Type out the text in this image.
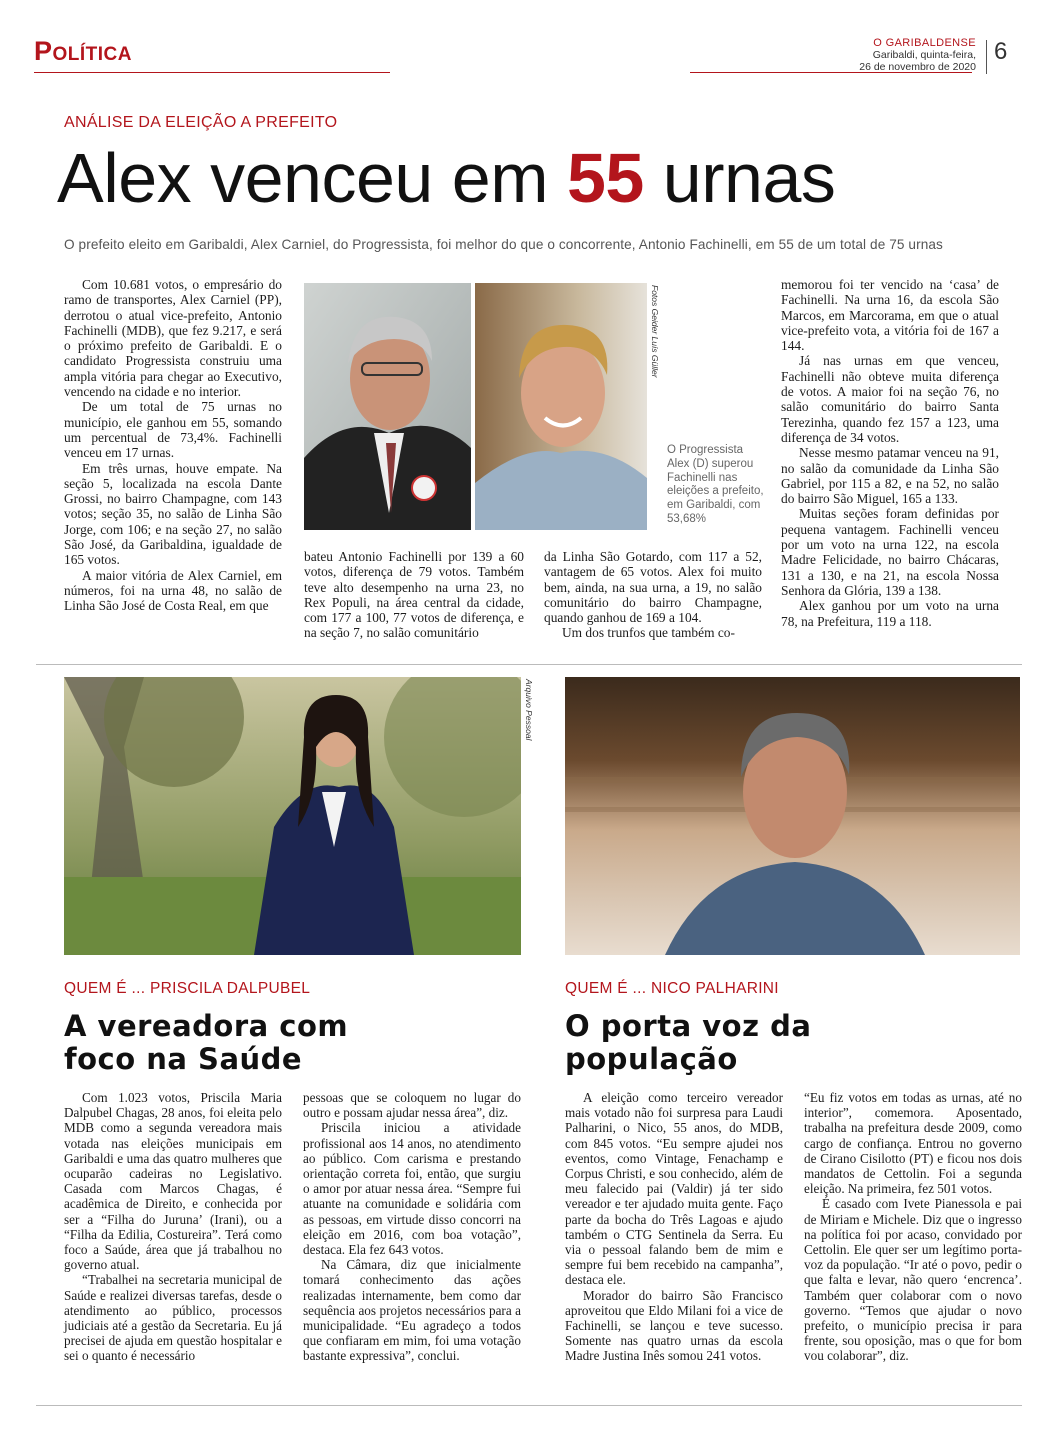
Política	O GARIBALDENSE
Garibaldi, quinta-feira,
26 de novembro de 2020
6
ANÁLISE DA ELEIÇÃO A PREFEITO
Alex venceu em 55 urnas
O prefeito eleito em Garibaldi, Alex Carniel, do Progressista, foi melhor do que o concorrente, Antonio Fachinelli, em 55 de um total de 75 urnas

Com 10.681 votos, o empresário do ramo de transportes, Alex Carniel (PP), derrotou o atual vice-prefeito, Antonio Fachinelli (MDB), que fez 9.217, e será o próximo prefeito de Garibaldi. E o candidato Progressista construiu uma ampla vitória para chegar ao Executivo, vencendo na cidade e no interior.

De um total de 75 urnas no município, ele ganhou em 55, somando um percentual de 73,4%. Fachinelli venceu em 17 urnas.

Em três urnas, houve empate. Na seção 5, localizada na escola Dante Grossi, no bairro Champagne, com 143 votos; seção 35, no salão de Linha São Jorge, com 106; e na seção 27, no salão São José, da Garibaldina, igualdade de 165 votos.

A maior vitória de Alex Carniel, em números, foi na urna 48, no salão de Linha São José de Costa Real, em que

Fotos Geider Luís Güller
O Progressista Alex (D) superou Fachinelli nas eleições a prefeito, em Garibaldi, com 53,68%

bateu Antonio Fachinelli por 139 a 60 votos, diferença de 79 votos. Também teve alto desempenho na urna 23, no Rex Populi, na área central da cidade, com 177 a 100, 77 votos de diferença, e na seção 7, no salão comunitário

da Linha São Gotardo, com 117 a 52, vantagem de 65 votos. Alex foi muito bem, ainda, na sua urna, a 19, no salão comunitário do bairro Champagne, quando ganhou de 169 a 104.

Um dos trunfos que também co-

memorou foi ter vencido na ‘casa’ de Fachinelli. Na urna 16, da escola São Marcos, em Marcorama, em que o atual vice-prefeito vota, a vitória foi de 167 a 144.

Já nas urnas em que venceu, Fachinelli não obteve muita diferença de votos. A maior foi na seção 76, no salão comunitário do bairro Santa Terezinha, quando fez 157 a 123, uma diferença de 34 votos.

Nesse mesmo patamar venceu na 91, no salão da comunidade da Linha São Gabriel, por 115 a 82, e na 52, no salão do bairro São Miguel, 165 a 133.

Muitas seções foram definidas por pequena vantagem. Fachinelli venceu por um voto na urna 122, na escola Madre Felicidade, no bairro Chácaras, 131 a 130, e na 21, na escola Nossa Senhora da Glória, 139 a 138.

Alex ganhou por um voto na urna 78, na Prefeitura, 119 a 118.

Arquivo Pessoal
QUEM É ... PRISCILA DALPUBEL
A vereadora com
foco na Saúde

Com 1.023 votos, Priscila Maria Dalpubel Chagas, 28 anos, foi eleita pelo MDB como a segunda vereadora mais votada nas eleições municipais em Garibaldi e uma das quatro mulheres que ocuparão cadeiras no Legislativo. Casada com Marcos Chagas, é acadêmica de Direito, e conhecida por ser a “Filha do Juruna’ (Irani), ou a “Filha da Edilia, Costureira”. Terá como foco a Saúde, área que já trabalhou no governo atual.

“Trabalhei na secretaria municipal de Saúde e realizei diversas tarefas, desde o atendimento ao público, processos judiciais até a gestão da Secretaria. Eu já precisei de ajuda em questão hospitalar e sei o quanto é necessário

pessoas que se coloquem no lugar do outro e possam ajudar nessa área”, diz.

Priscila iniciou a atividade profissional aos 14 anos, no atendimento ao público. Com carisma e prestando orientação correta foi, então, que surgiu o amor por atuar nessa área. “Sempre fui atuante na comunidade e solidária com as pessoas, em virtude disso concorri na eleição em 2016, com boa votação”, destaca. Ela fez 643 votos.

Na Câmara, diz que inicialmente tomará conhecimento das ações realizadas internamente, bem como dar sequência aos projetos necessários para a municipalidade. “Eu agradeço a todos que confiaram em mim, foi uma votação bastante expressiva”, conclui.

QUEM É ... NICO PALHARINI
O porta voz da
população

A eleição como terceiro vereador mais votado não foi surpresa para Laudi Palharini, o Nico, 55 anos, do MDB, com 845 votos. “Eu sempre ajudei nos eventos, como Vintage, Fenachamp e Corpus Christi, e sou conhecido, além de meu falecido pai (Valdir) já ter sido vereador e ter ajudado muita gente. Faço parte da bocha do Três Lagoas e ajudo também o CTG Sentinela da Serra. Eu via o pessoal falando bem de mim e sempre fui bem recebido na campanha”, destaca ele.

Morador do bairro São Francisco aproveitou que Eldo Milani foi a vice de Fachinelli, se lançou e teve sucesso. Somente nas quatro urnas da escola Madre Justina Inês somou 241 votos.

“Eu fiz votos em todas as urnas, até no interior”, comemora. Aposentado, trabalha na prefeitura desde 2009, como cargo de confiança. Entrou no governo de Cirano Cisilotto (PT) e ficou nos dois mandatos de Cettolin. Foi a segunda eleição. Na primeira, fez 501 votos.

É casado com Ivete Pianessola e pai de Miriam e Michele. Diz que o ingresso na política foi por acaso, convidado por Cettolin. Ele quer ser um legítimo porta-voz da população. “Ir até o povo, pedir o que falta e levar, não quero ‘encrenca’. Também quer colaborar com o novo governo. “Temos que ajudar o novo prefeito, o município precisa ir para frente, sou oposição, mas o que for bom vou colaborar”, diz.
